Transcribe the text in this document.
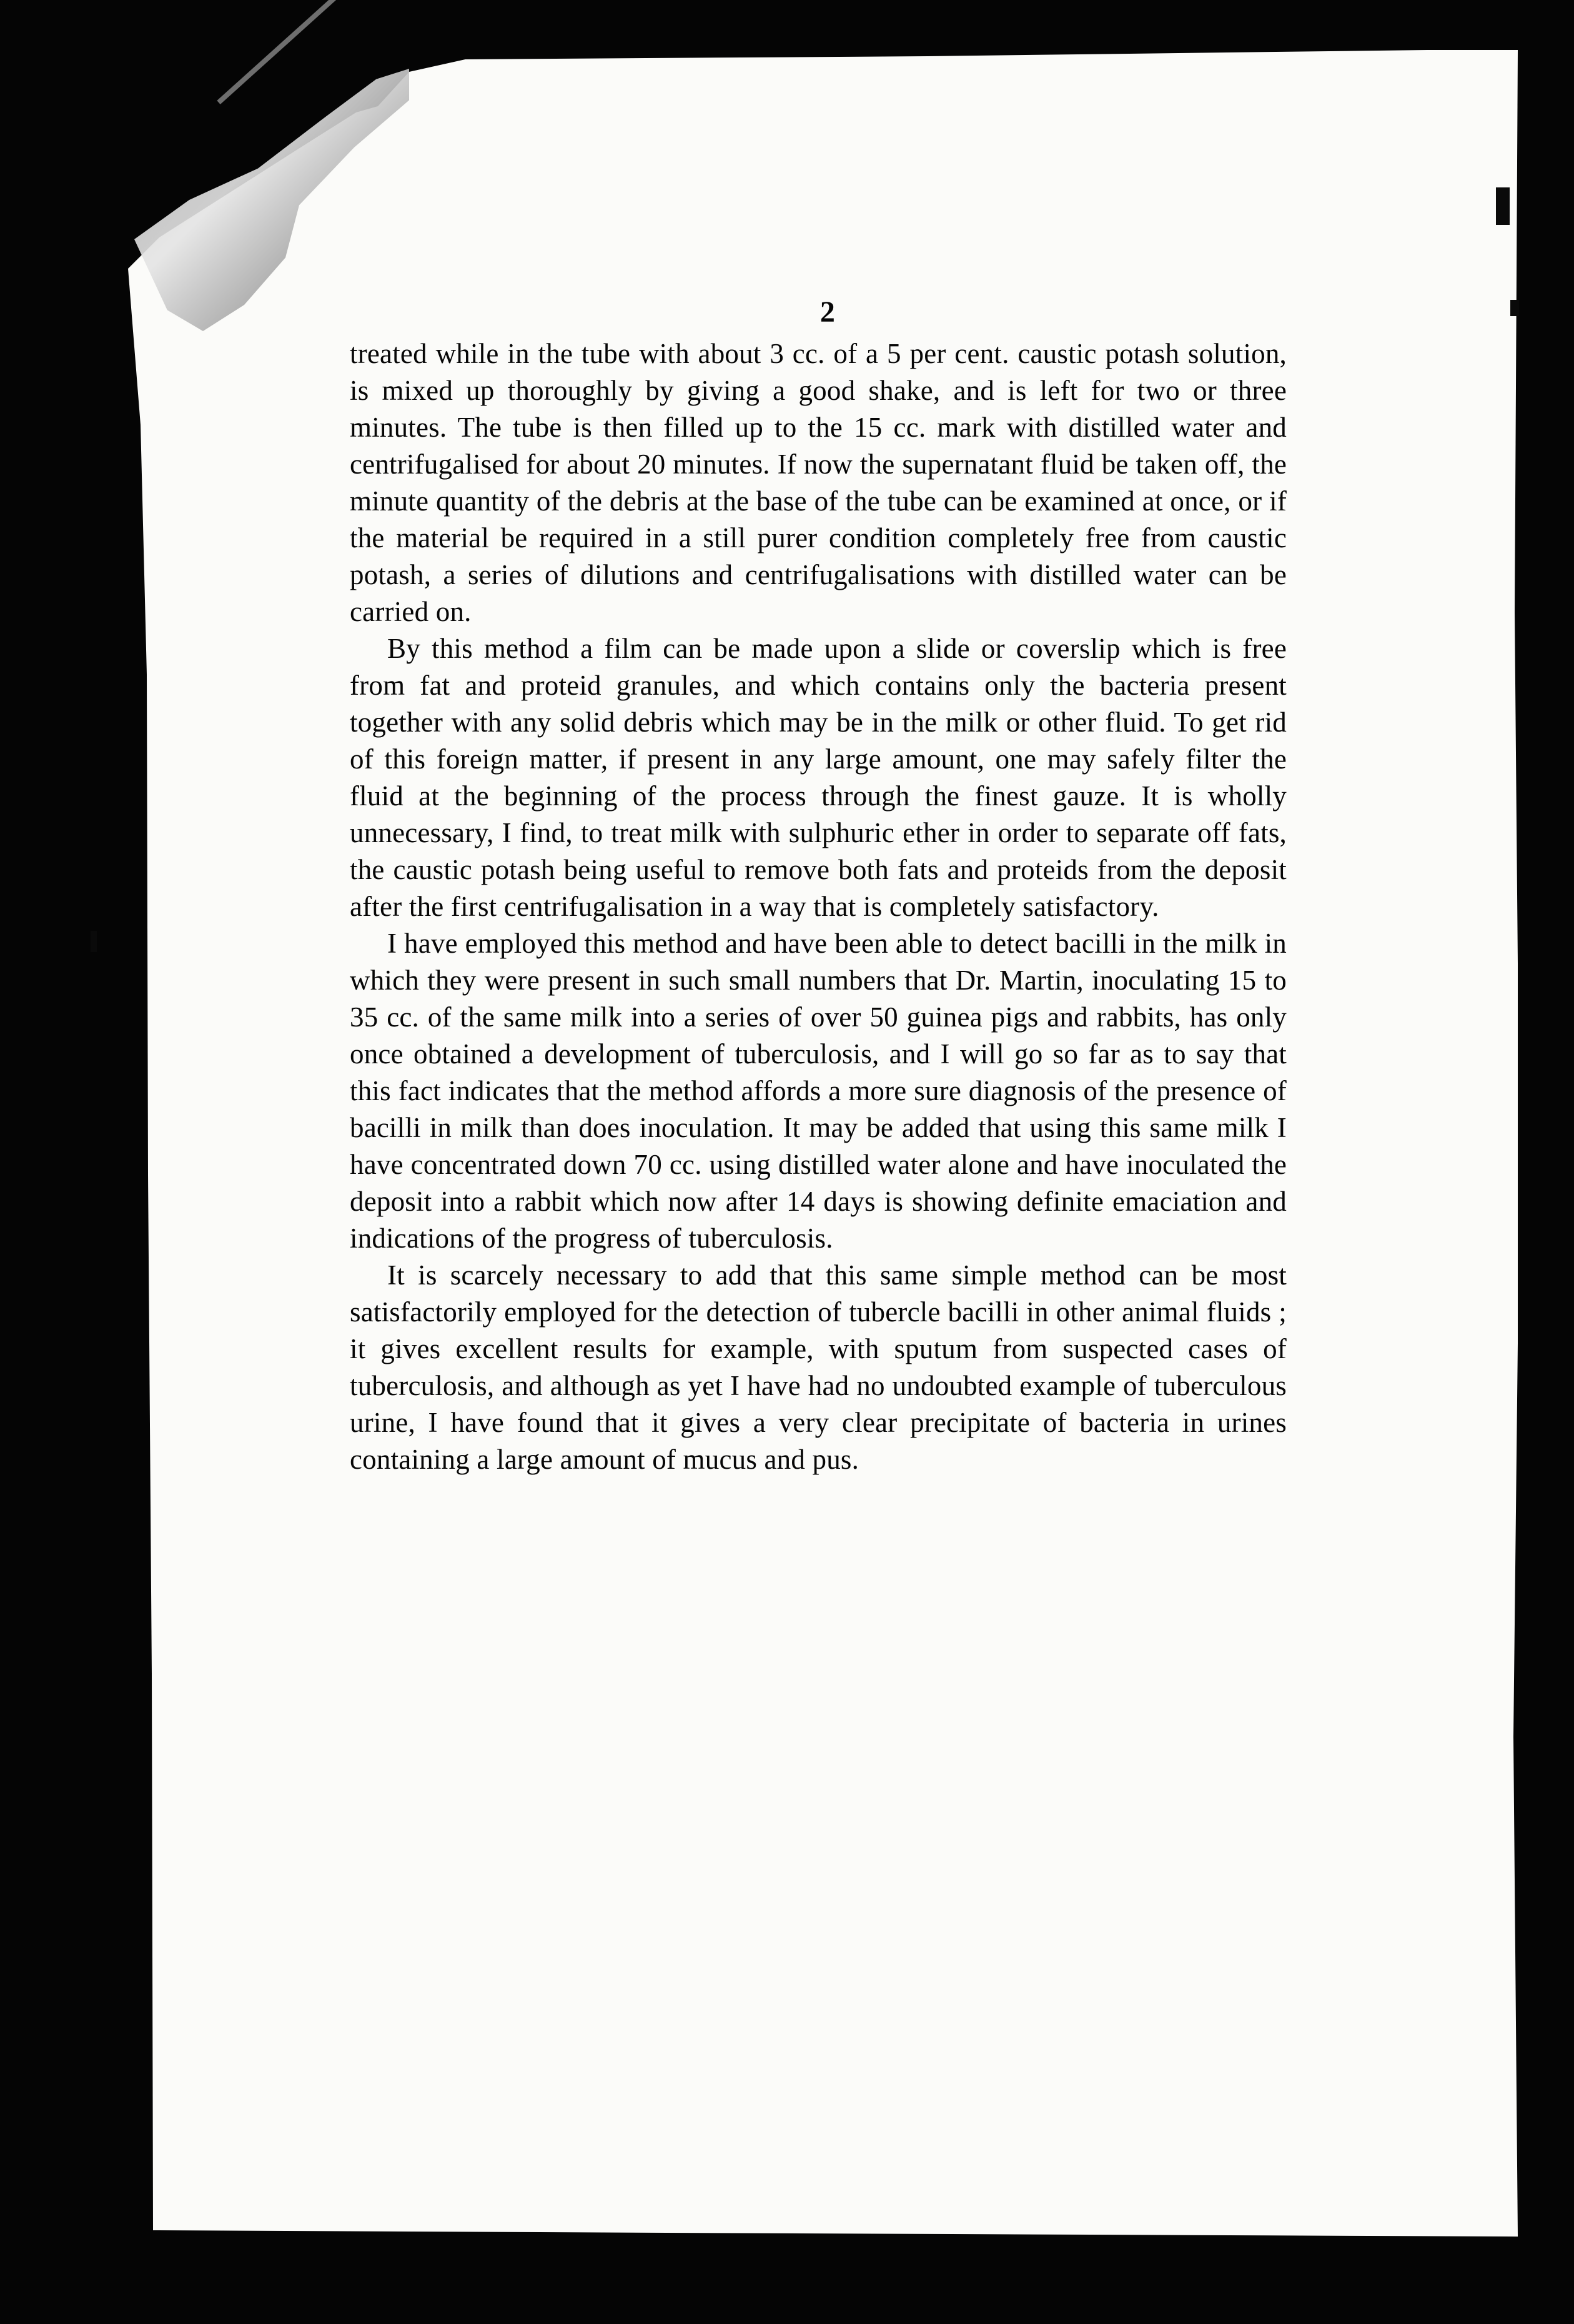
2

treated while in the tube with about 3 cc. of a 5 per cent. caustic potash solution, is mixed up thoroughly by giving a good shake, and is left for two or three minutes. The tube is then filled up to the 15 cc. mark with distilled water and centrifugalised for about 20 minutes. If now the supernatant fluid be taken off, the minute quantity of the debris at the base of the tube can be examined at once, or if the material be required in a still purer condition completely free from caustic potash, a series of dilutions and centrifugalisations with distilled water can be carried on.

By this method a film can be made upon a slide or coverslip which is free from fat and proteid granules, and which contains only the bacteria present together with any solid debris which may be in the milk or other fluid. To get rid of this foreign matter, if present in any large amount, one may safely filter the fluid at the beginning of the process through the finest gauze. It is wholly unnecessary, I find, to treat milk with sulphuric ether in order to separate off fats, the caustic potash being useful to remove both fats and proteids from the deposit after the first centrifugalisation in a way that is completely satisfactory.

I have employed this method and have been able to detect bacilli in the milk in which they were present in such small numbers that Dr. Martin, inoculating 15 to 35 cc. of the same milk into a series of over 50 guinea pigs and rabbits, has only once obtained a development of tuberculosis, and I will go so far as to say that this fact indicates that the method affords a more sure diagnosis of the presence of bacilli in milk than does inoculation. It may be added that using this same milk I have concentrated down 70 cc. using distilled water alone and have inoculated the deposit into a rabbit which now after 14 days is showing definite emaciation and indications of the progress of tuberculosis.

It is scarcely necessary to add that this same simple method can be most satisfactorily employed for the detection of tubercle bacilli in other animal fluids ; it gives excellent results for example, with sputum from suspected cases of tuberculosis, and although as yet I have had no undoubted example of tuberculous urine, I have found that it gives a very clear precipitate of bacteria in urines containing a large amount of mucus and pus.
